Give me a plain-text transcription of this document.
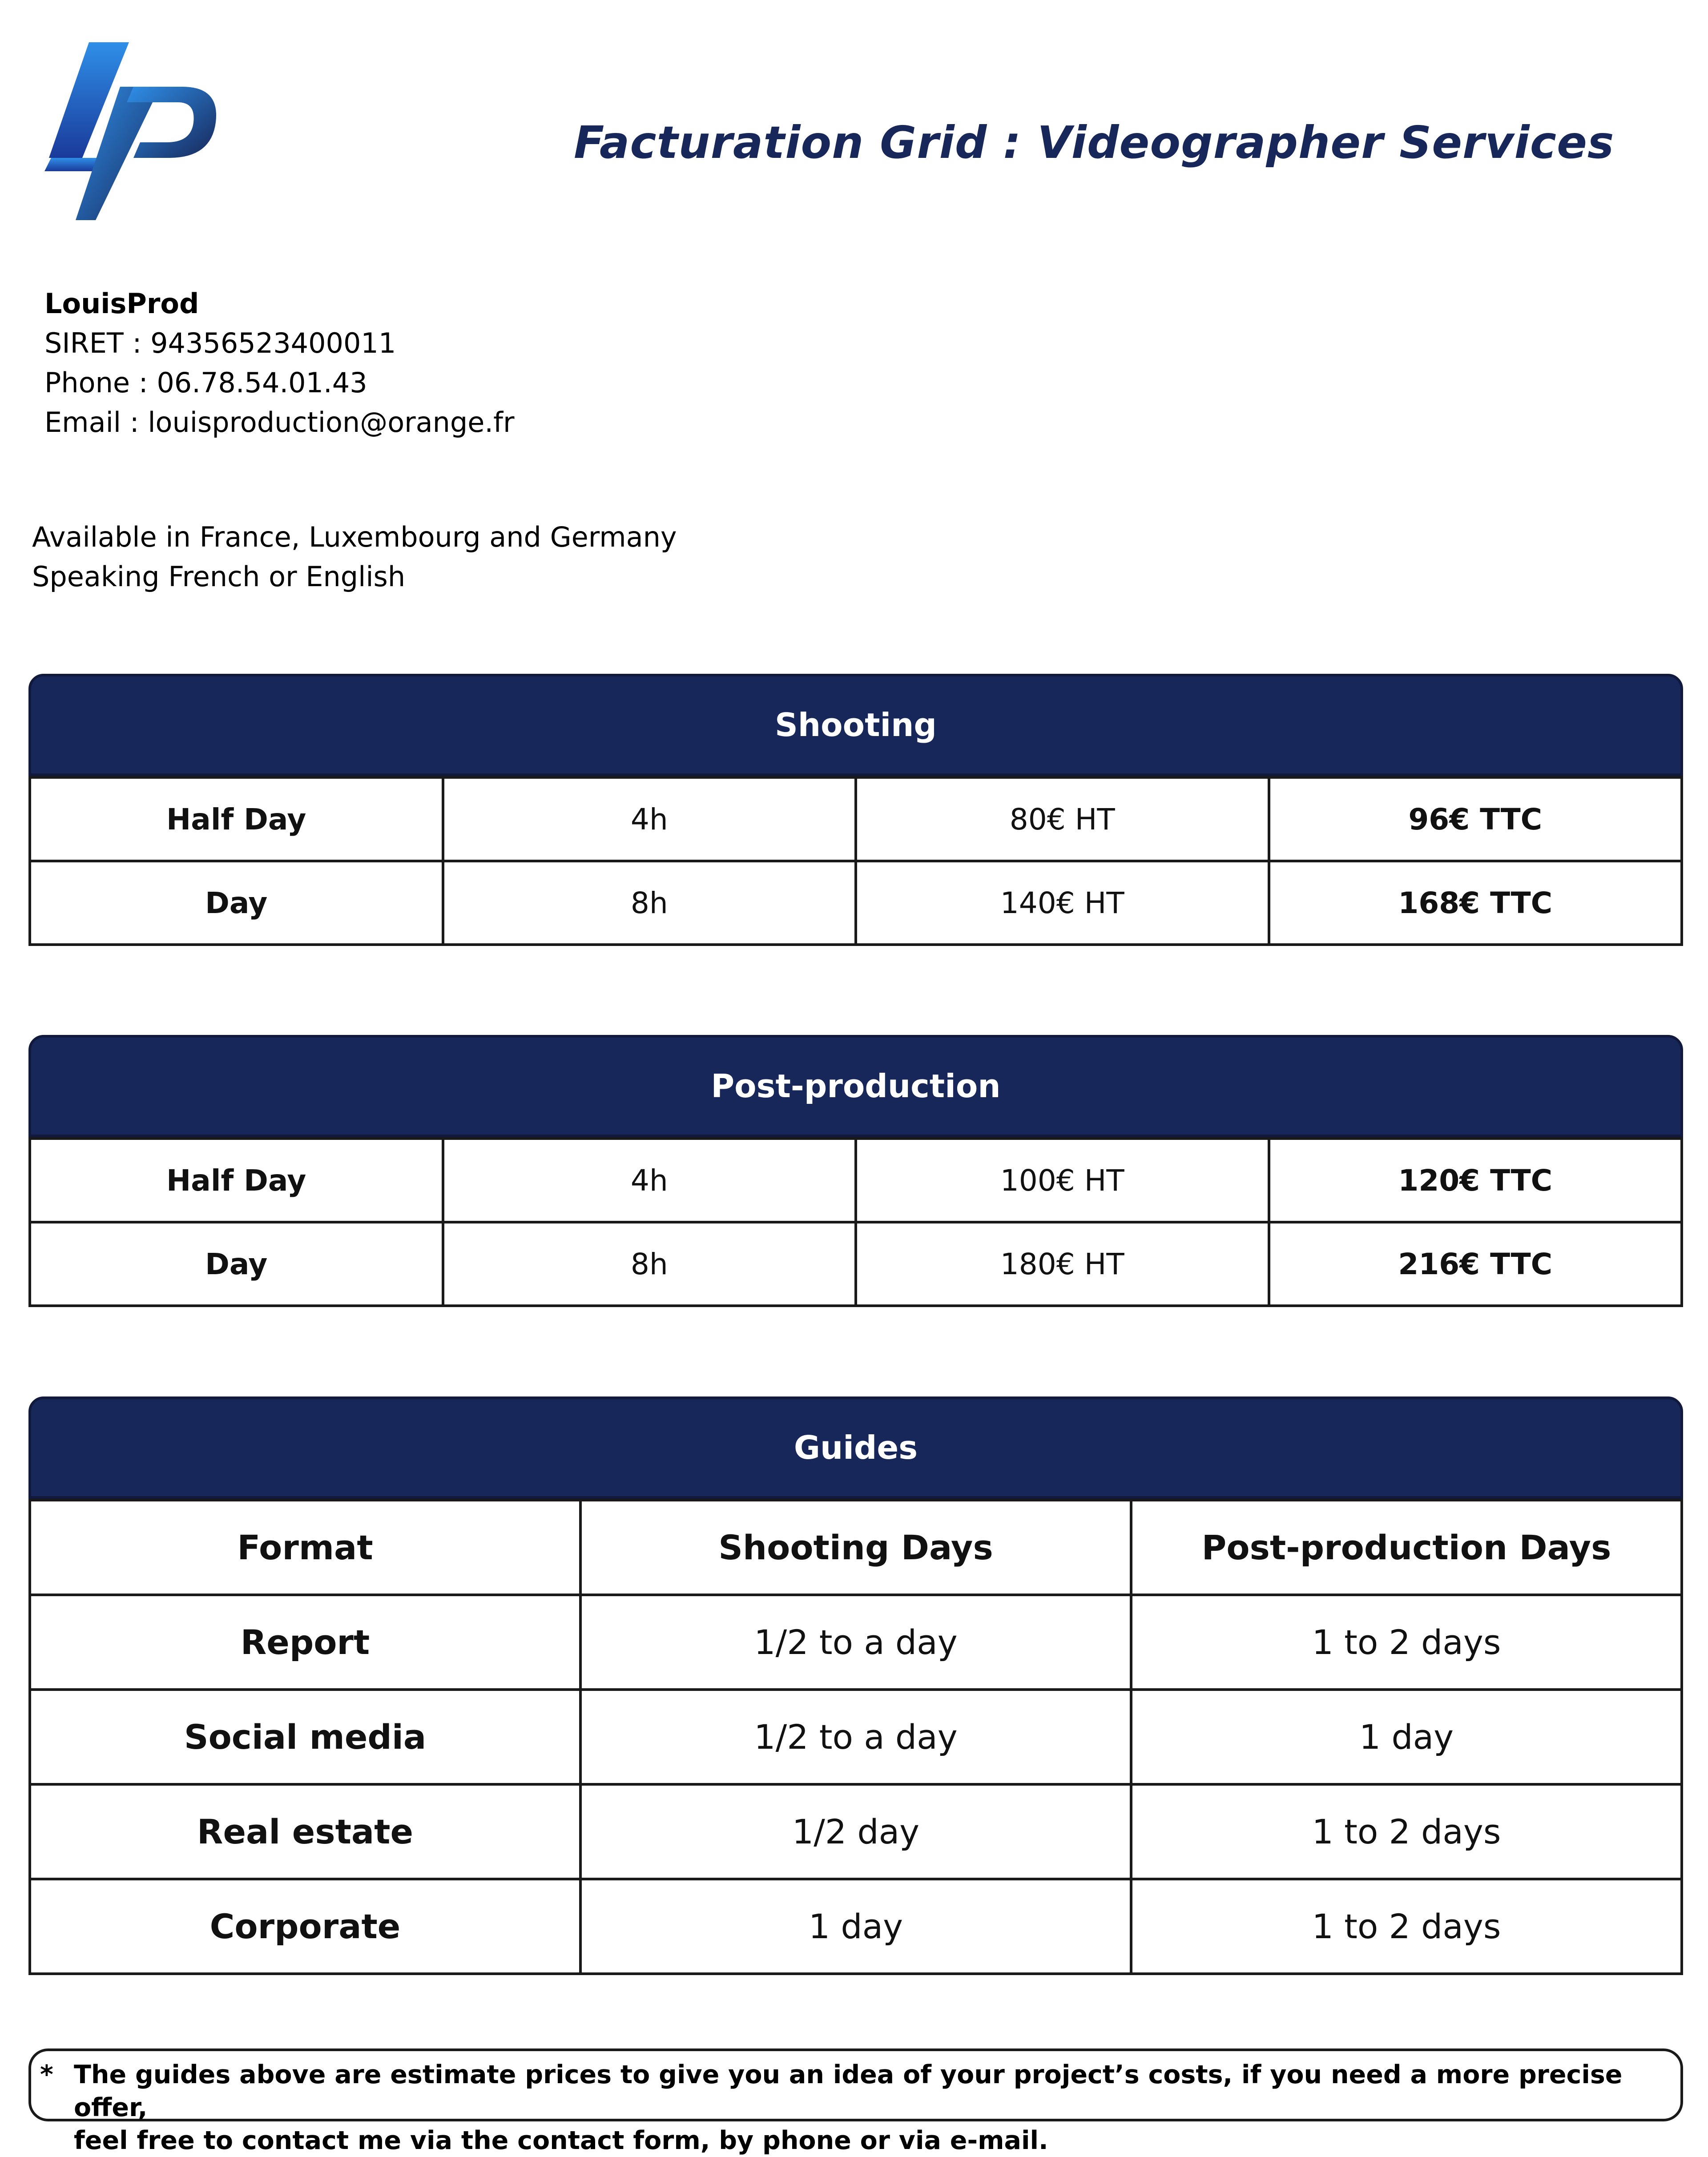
Facturation Grid : Videographer Services
LouisProd
SIRET : 94356523400011
Phone : 06.78.54.01.43
Email : louisproduction@orange.fr
Available in France, Luxembourg and Germany
Speaking French or English
Shooting
Half Day	4h	80€ HT	96€ TTC
Day	8h	140€ HT	168€ TTC
Post-production
Half Day	4h	100€ HT	120€ TTC
Day	8h	180€ HT	216€ TTC
Guides
Format	Shooting Days	Post-production Days
Report	1/2 to a day	1 to 2 days
Social media	1/2 to a day	1 day
Real estate	1/2 day	1 to 2 days
Corporate	1 day	1 to 2 days
* The guides above are estimate prices to give you an idea of your project’s costs, if you need a more precise offer,
feel free to contact me via the contact form, by phone or via e-mail.
